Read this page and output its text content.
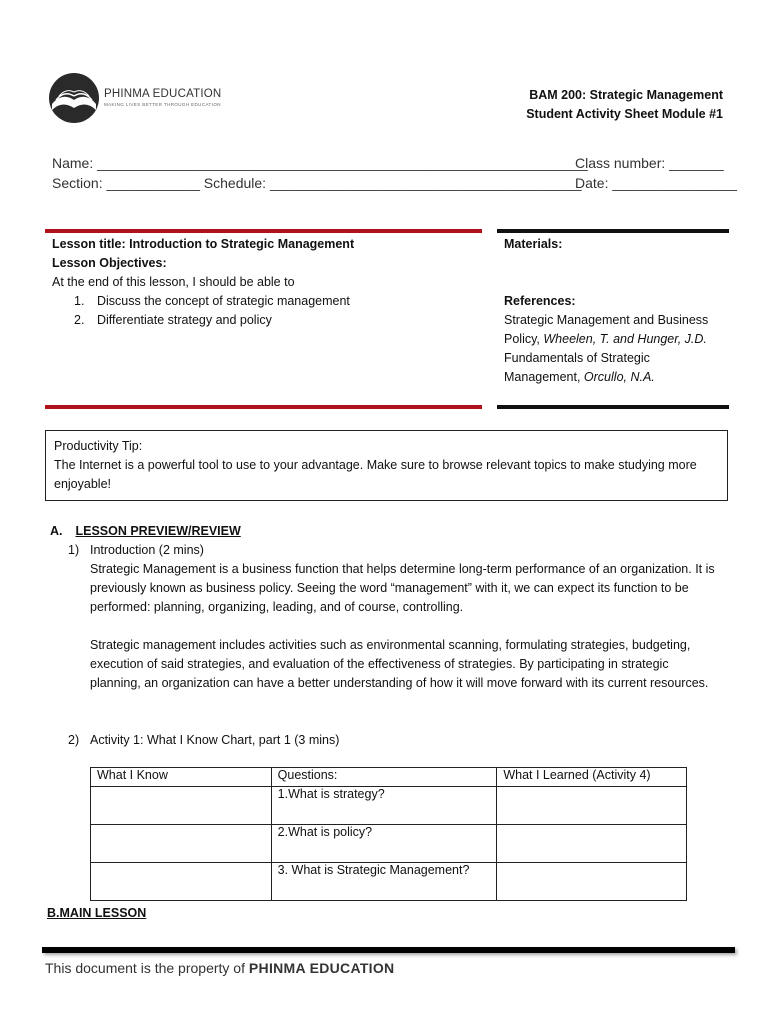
PHINMA EDUCATION
MAKING LIVES BETTER THROUGH EDUCATION
BAM 200: Strategic Management
Student Activity Sheet Module #1
Name: _______________________________________________________________
Class number: _______
Section: ____________ Schedule: ________________________________________
Date: ________________
Lesson title: Introduction to Strategic Management
Lesson Objectives:
At the end of this lesson, I should be able to
1. Discuss the concept of strategic management
2. Differentiate strategy and policy
Materials:
References:
Strategic Management and Business Policy, Wheelen, T. and Hunger, J.D.
Fundamentals of Strategic Management, Orcullo, N.A.
Productivity Tip:
The Internet is a powerful tool to use to your advantage. Make sure to browse relevant topics to make studying more enjoyable!
A. LESSON PREVIEW/REVIEW
1) Introduction (2 mins)
Strategic Management is a business function that helps determine long-term performance of an organization. It is previously known as business policy. Seeing the word “management” with it, we can expect its function to be performed: planning, organizing, leading, and of course, controlling.
Strategic management includes activities such as environmental scanning, formulating strategies, budgeting, execution of said strategies, and evaluation of the effectiveness of strategies. By participating in strategic planning, an organization can have a better understanding of how it will move forward with its current resources.
2) Activity 1: What I Know Chart, part 1 (3 mins)
What I Know	Questions:	What I Learned (Activity 4)
	1.What is strategy?	
	2.What is policy?	
	3. What is Strategic Management?	
B.MAIN LESSON
This document is the property of PHINMA EDUCATION
